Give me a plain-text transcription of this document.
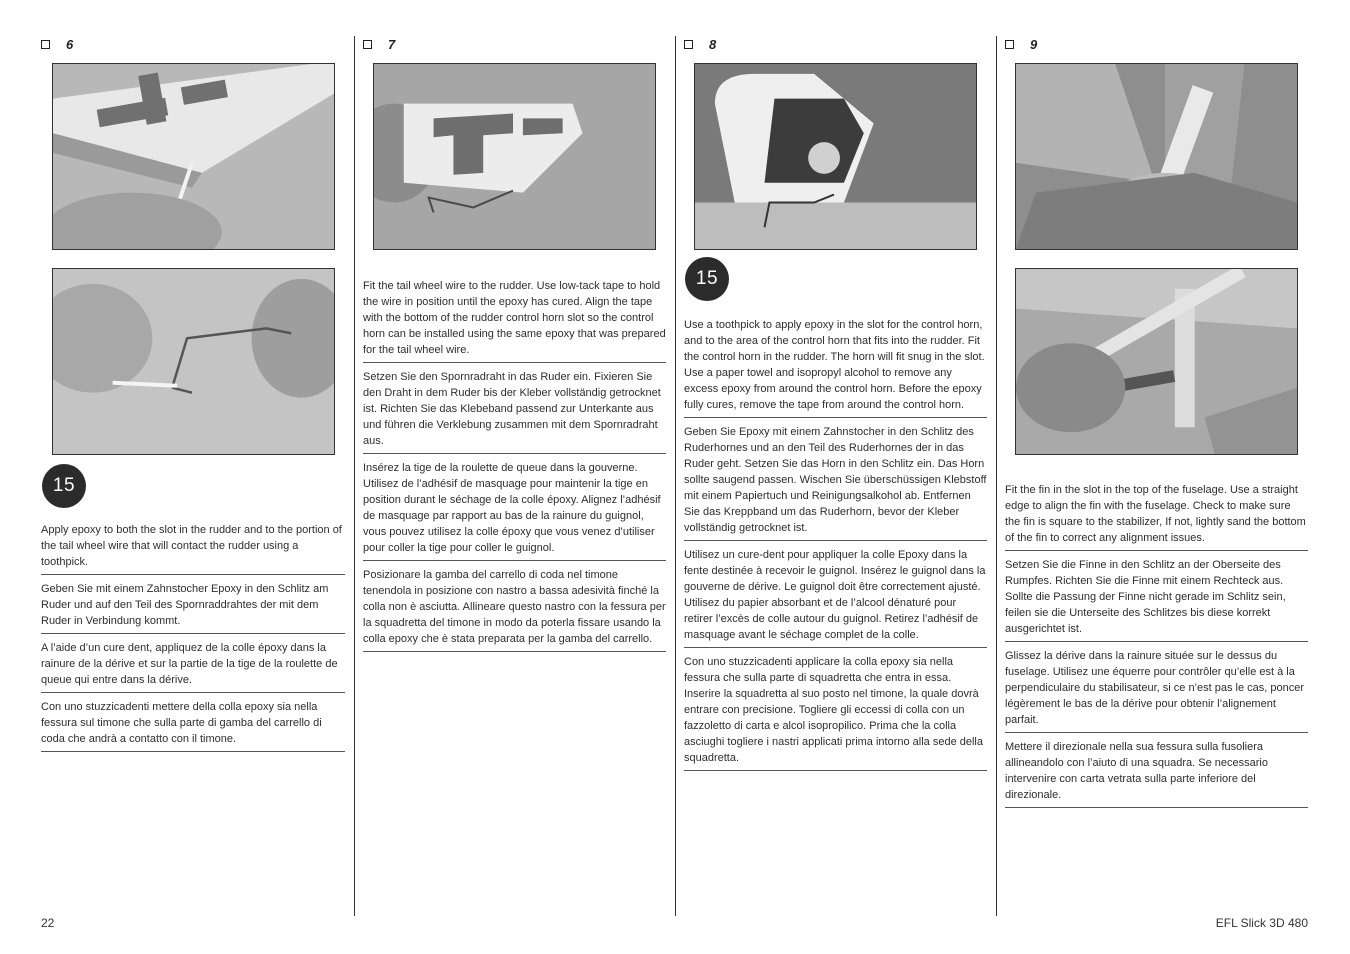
6
15
Apply epoxy to both the slot in the rudder and to the portion of the tail wheel wire that will contact the rudder using a toothpick.
Geben Sie mit einem Zahnstocher Epoxy in den Schlitz am Ruder und auf den Teil des Spornraddrahtes der mit dem Ruder in Verbindung kommt.
A l’aide d’un cure dent, appliquez de la colle époxy dans la rainure de la dérive et sur la partie de la tige de la roulette de queue qui entre dans la dérive.
Con uno stuzzicadenti mettere della colla epoxy sia nella fessura sul timone che sulla parte di gamba del carrello di coda che andrà a contatto con il timone.
7
Fit the tail wheel wire to the rudder. Use low-tack tape to hold the wire in position until the epoxy has cured. Align the tape with the bottom of the rudder control horn slot so the control horn can be installed using the same epoxy that was prepared for the tail wheel wire.
Setzen Sie den Spornradraht in das Ruder ein. Fixieren Sie den Draht in dem Ruder bis der Kleber vollständig getrocknet ist. Richten Sie das Klebeband passend zur Unterkante aus und führen die Verklebung zusammen mit dem Spornradraht aus.
Insérez la tige de la roulette de queue dans la gouverne. Utilisez de l’adhésif de masquage pour maintenir la tige en position durant le séchage de la colle époxy. Alignez l’adhésif de masquage par rapport au bas de la rainure du guignol, vous pouvez utilisez la colle époxy que vous venez d’utiliser pour coller la tige pour coller le guignol.
Posizionare la gamba del carrello di coda nel timone tenendola in posizione con nastro a bassa adesività finché la colla non è asciutta. Allineare questo nastro con la fessura per la squadretta del timone in modo da poterla fissare usando la colla epoxy che è stata preparata per la gamba del carrello.
8
15
Use a toothpick to apply epoxy in the slot for the control horn, and to the area of the control horn that fits into the rudder. Fit the control horn in the rudder. The horn will fit snug in the slot. Use a paper towel and isopropyl alcohol to remove any excess epoxy from around the control horn. Before the epoxy fully cures, remove the tape from around the control horn.
Geben Sie Epoxy mit einem Zahnstocher in den Schlitz des Ruderhornes und an den Teil des Ruderhornes der in das Ruder geht. Setzen Sie das Horn in den Schlitz ein. Das Horn sollte saugend passen. Wischen Sie überschüssigen Klebstoff mit einem Papiertuch und Reinigungsalkohol ab. Entfernen Sie das Kreppband um das Ruderhorn, bevor der Kleber vollständig getrocknet ist.
Utilisez un cure-dent pour appliquer la colle Epoxy dans la fente destinée à recevoir le guignol. Insérez le guignol dans la gouverne de dérive. Le guignol doit être correctement ajusté. Utilisez du papier absorbant et de l’alcool dénaturé pour retirer l’excès de colle autour du guignol. Retirez l’adhésif de masquage avant le séchage complet de la colle.
Con uno stuzzicadenti applicare la colla epoxy sia nella fessura che sulla parte di squadretta che entra in essa. Inserire la squadretta al suo posto nel timone, la quale dovrà entrare con precisione. Togliere gli eccessi di colla con un fazzoletto di carta e alcol isopropilico. Prima che la colla asciughi togliere i nastri applicati prima intorno alla sede della squadretta.
9
Fit the fin in the slot in the top of the fuselage. Use a straight edge to align the fin with the fuselage. Check to make sure the fin is square to the stabilizer, If not, lightly sand the bottom of the fin to correct any alignment issues.
Setzen Sie die Finne in den Schlitz an der Oberseite des Rumpfes. Richten Sie die Finne mit einem Rechteck aus. Sollte die Passung der Finne nicht gerade im Schlitz sein, feilen sie die Unterseite des Schlitzes bis diese korrekt ausgerichtet ist.
Glissez la dérive dans la rainure située sur le dessus du fuselage. Utilisez une équerre pour contrôler qu’elle est à la perpendiculaire du stabilisateur, si ce n’est pas le cas, poncer légèrement le bas de la dérive pour obtenir l’alignement parfait.
Mettere il direzionale nella sua fessura sulla fusoliera allineandolo con l’aiuto di una squadra. Se necessario intervenire con carta vetrata sulla parte inferiore del direzionale.
22	EFL Slick 3D 480
